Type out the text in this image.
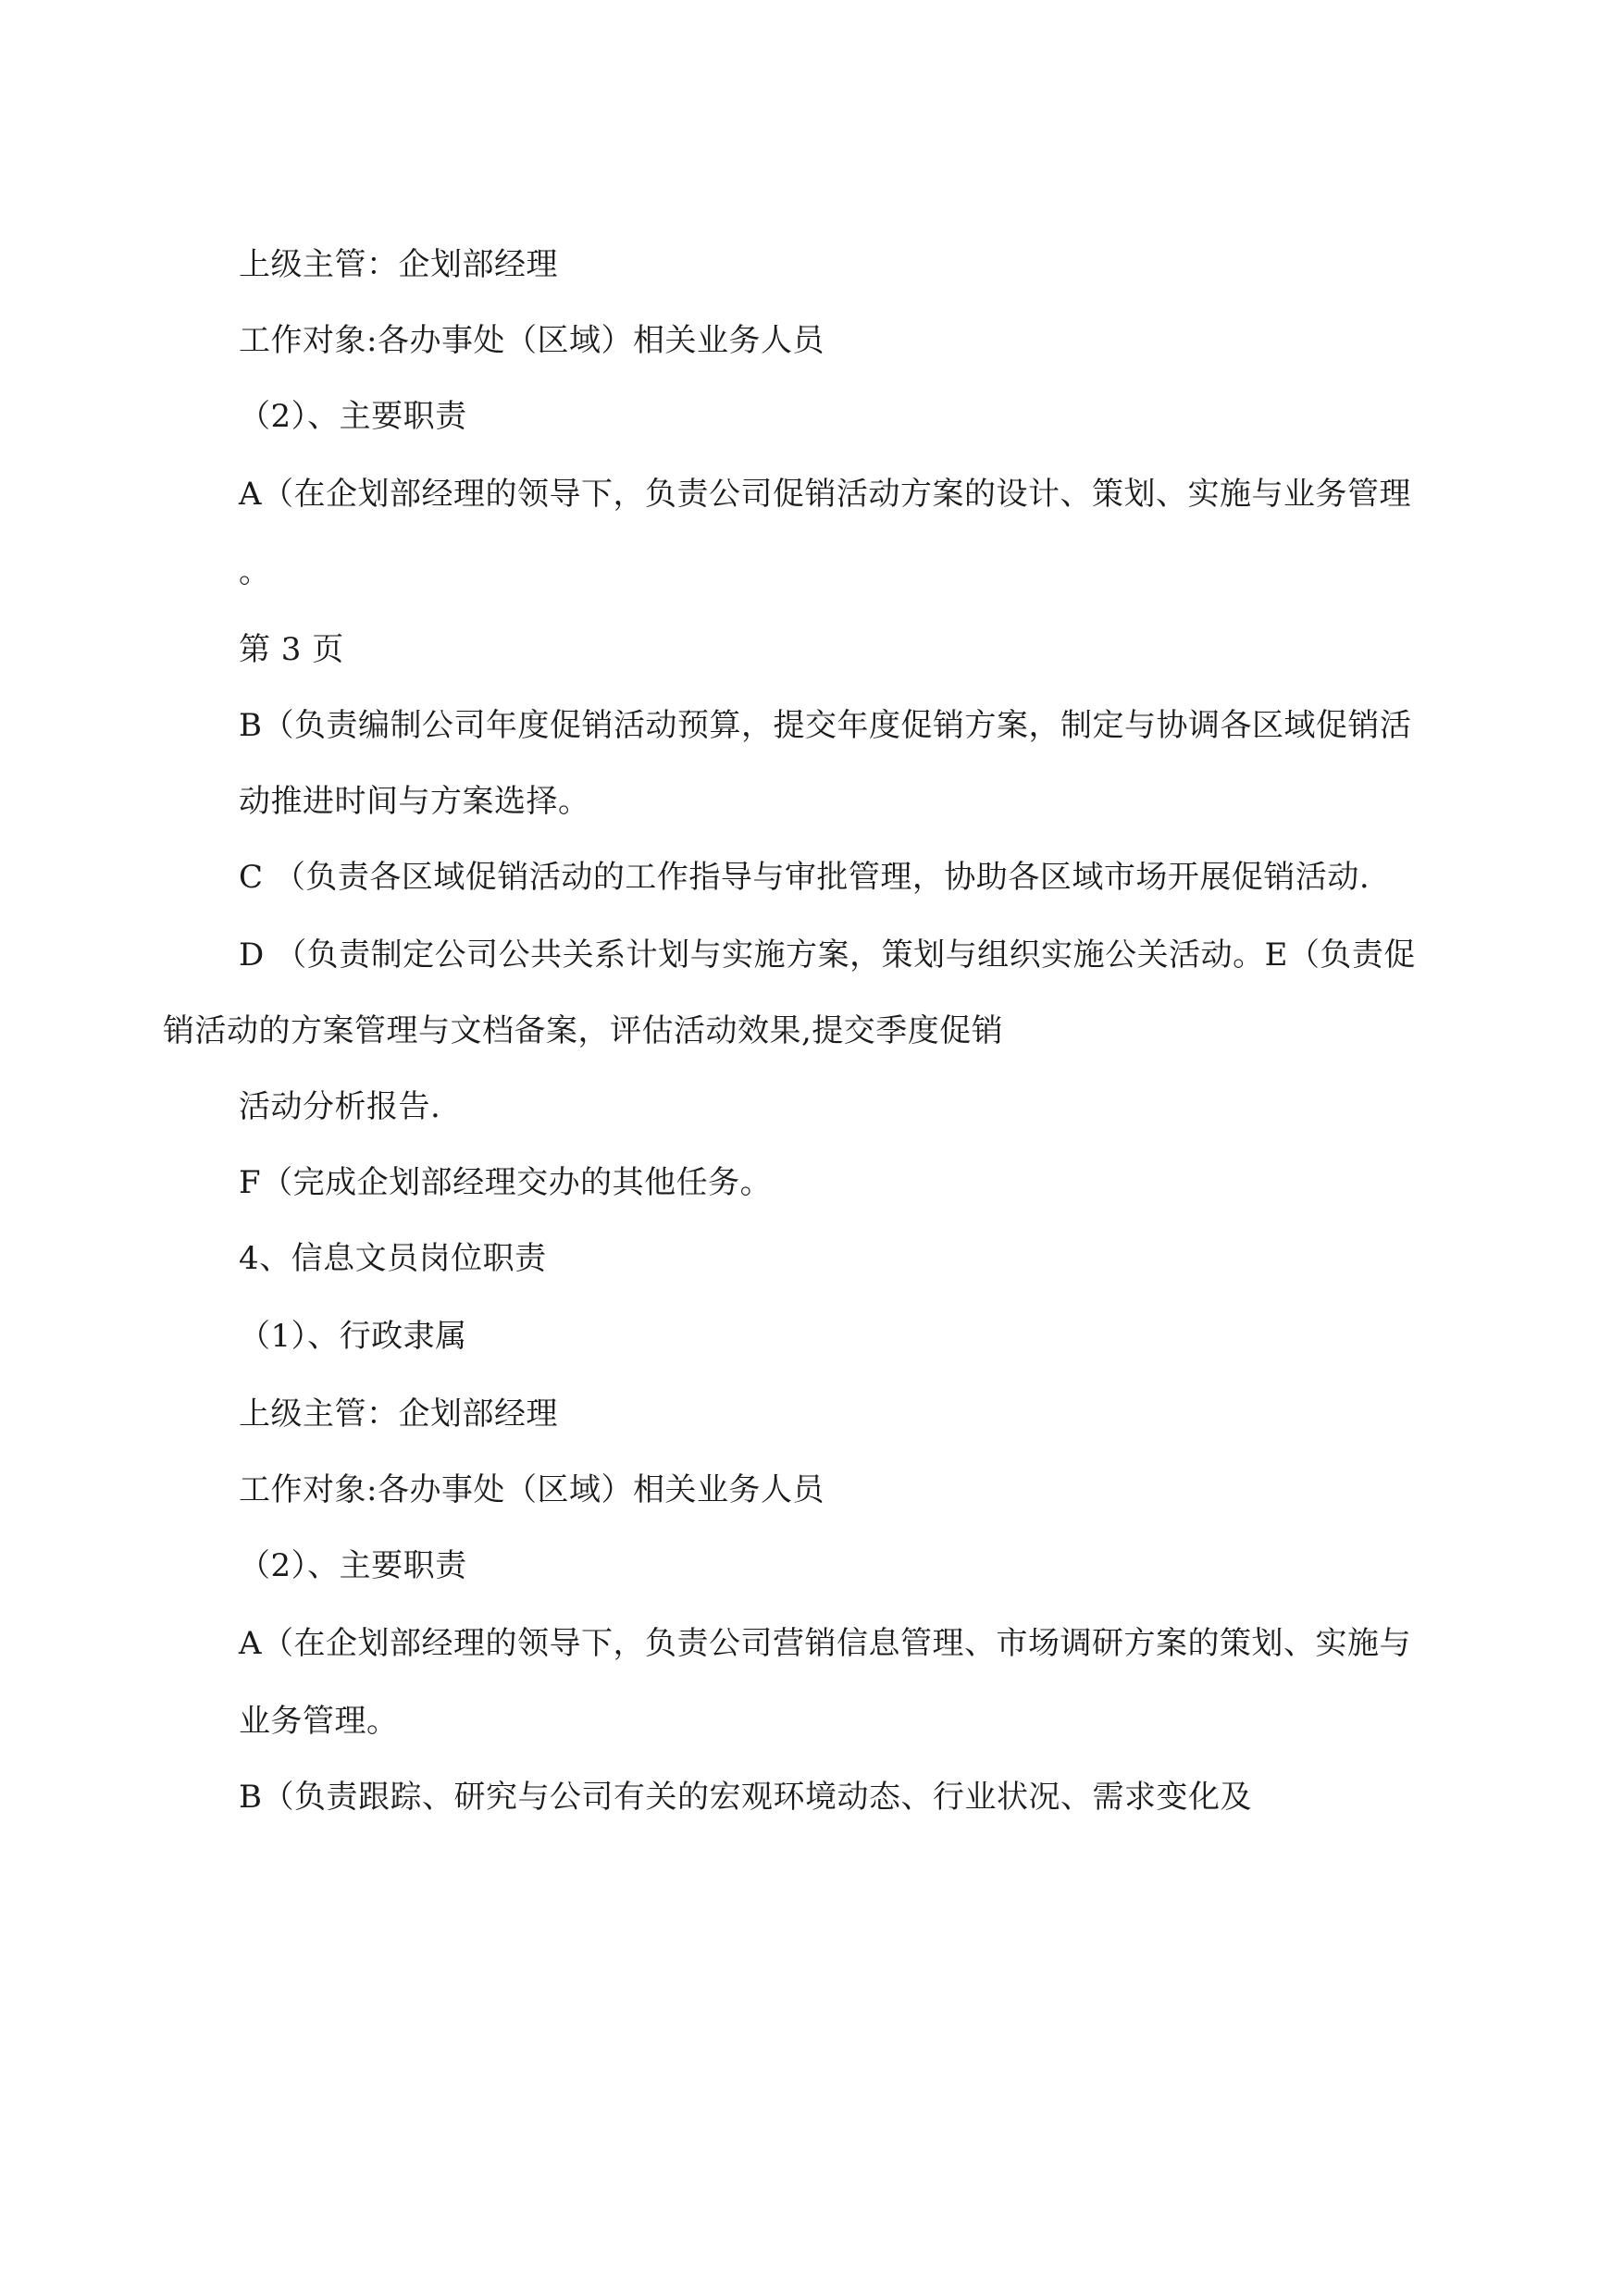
上级主管：企划部经理
工作对象:各办事处（区域）相关业务人员
（2）、主要职责
A（在企划部经理的领导下，负责公司促销活动方案的设计、策划、实施与业务管理
。
第 3 页
B（负责编制公司年度促销活动预算，提交年度促销方案，制定与协调各区域促销活
动推进时间与方案选择。
C （负责各区域促销活动的工作指导与审批管理，协助各区域市场开展促销活动.
D （负责制定公司公共关系计划与实施方案，策划与组织实施公关活动。E（负责促
销活动的方案管理与文档备案，评估活动效果,提交季度促销
活动分析报告.
F（完成企划部经理交办的其他任务。
4、信息文员岗位职责
（1）、行政隶属
上级主管：企划部经理
工作对象:各办事处（区域）相关业务人员
（2）、主要职责
A（在企划部经理的领导下，负责公司营销信息管理、市场调研方案的策划、实施与
业务管理。
B（负责跟踪、研究与公司有关的宏观环境动态、行业状况、需求变化及
